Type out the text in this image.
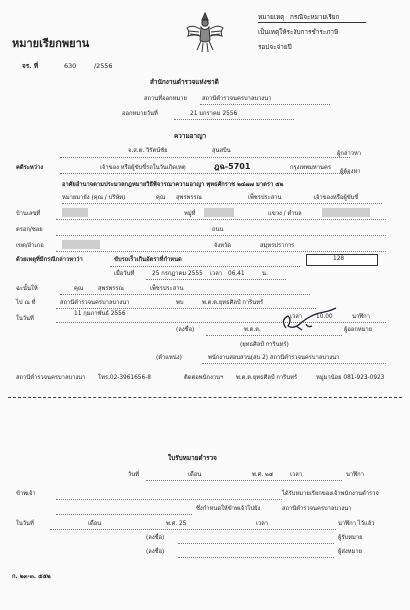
หมายเรียกพยาน
จร. ที่	630	/2556
หมายเหตุ กรณีจะหมายเรียก
เป็นเหตุให้ระงับการชำระภาษี
รอปจะจ่ายปี
สำนักงานตำรวจแห่งชาติ
สถานที่ออกหมาย	สถานีตำรวจนครบาลบางนา
ออกหมายวันที่	21 มกราคม 2556
ความอาญา
จ.ส.ต. วิรัตน์ชัย	สุนสบิน	ผู้กล่าวหา
คดีระหว่าง	เจ้าของ หรือผู้ขับขี่รถในวันเกิดเหตุ	ฎฉ-5701	กรุงเทพมหานคร
ผู้ต้องหา
อาศัยอำนาจตามประมวลกฎหมายวิธีพิจารณาความอาญา พุทธศักราช ๒๔๗๗ มาตรา ๕๒
หมายมายัง (คุณ / บริษัท)	คุณ สุพรพรรณ	เพ็ชรประสาน	เจ้าของหรือผู้ขับขี่
บ้านเลขที่	หมู่ที่	แขวง / ตำบล
ตรอก/ซอย	ถนน
เขต/อำเภอ	จังหวัด	สมุทรปราการ
ด้วยเหตุที่มีกรณีกล่าวหาว่า	ขับรถเร็วเกินอัตราที่กำหนด	128
เมื่อวันที่	25 กรกฎาคม 2555 เวลา 06.41	น.
ฉะนั้นให้	คุณ	สุพรพรรณ	เพ็ชรประสาน
ไป ณ ที่	สถานีตำรวจนครบาลบางนา	พบ	พ.ต.ต.ยุทธศิลป์ การินทร์
ในวันที่
11 กุมภาพันธ์ 2556	เวลา 10.00	นาฬิกา
(ลงชื่อ)	พ.ต.ต.	ผู้ออกหมาย
(ยุทธศิลป์ การินทร์)
(ตำแหน่ง)	พนักงานสอบสวน(สบ 2) สถานีตำรวจนครบาลบางนา
สถานีตำรวจนครบาลบางนา โทร.02-3961656-8	ติดต่อพนักงานฯ พ.ต.ต.ยุทธศิลป์ การินทร์	หมู่มาน้อย 081-923-0923
ใบรับหมายตำรวจ
วันที่	เดือน	พ.ศ. ๒๕	เวลา	นาฬิกา
ข้าพเจ้า	ได้รับหมายเรียกของเจ้าพนักงานตำรวจ
ซึ่งกำหนดให้ข้าพเจ้าไปยัง	สถานีตำรวจนครบาลบางนา
ในวันที่	เดือน	พ.ศ. 25	เวลา	นาฬิกา ไว้แล้ว
(ลงชื่อ)	ผู้รับหมาย
(ลงชื่อ)	ผู้ส่งหมาย
ก. ๒๓-๓. ๕๕๒
